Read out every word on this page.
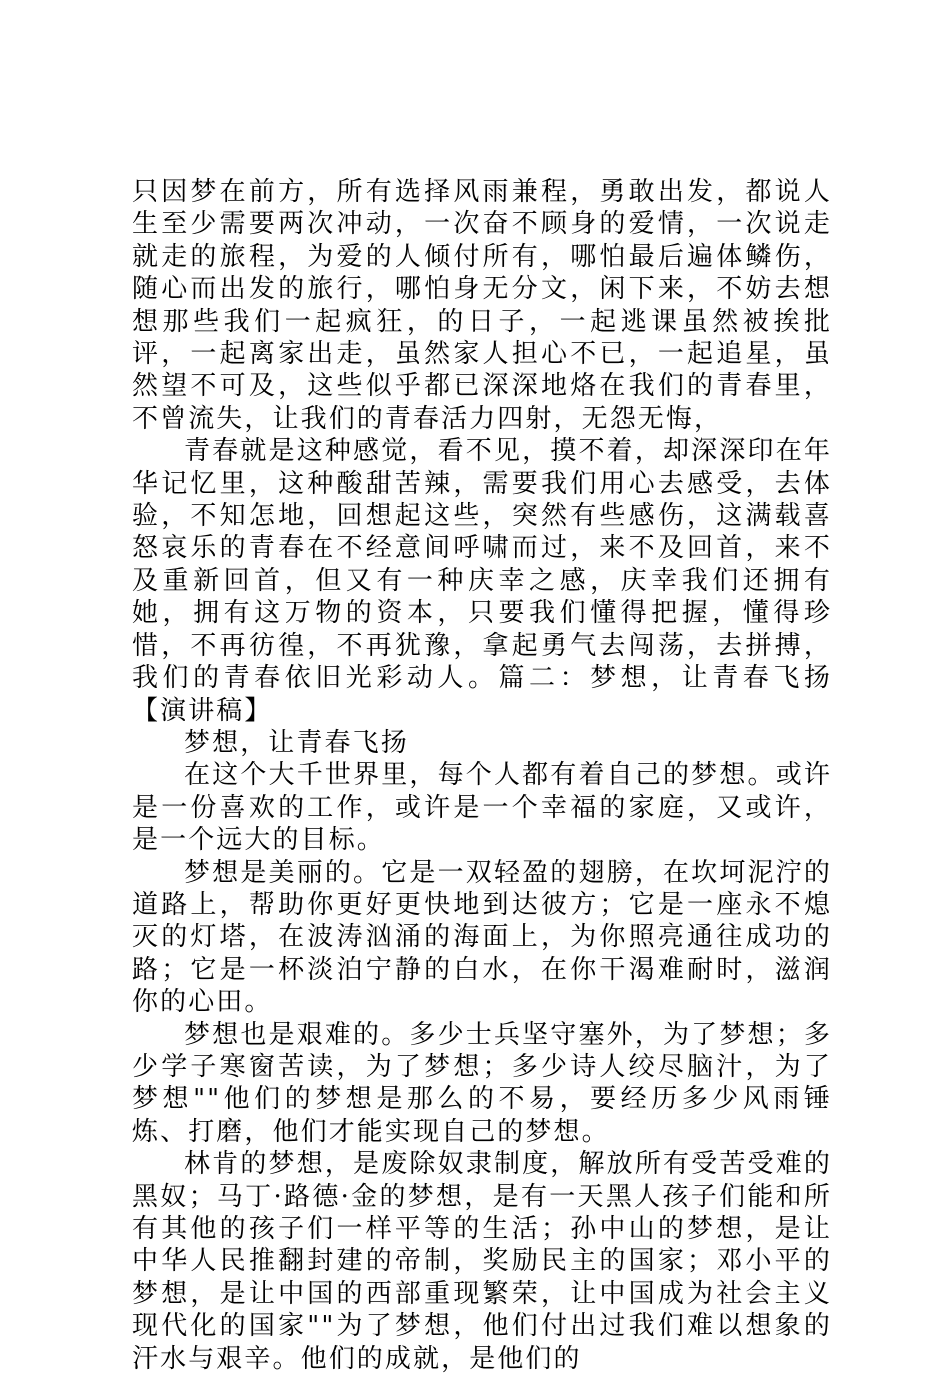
只因梦在前方，所有选择风雨兼程，勇敢出发，都说人生至少需要两次冲动，一次奋不顾身的爱情，一次说走就走的旅程，为爱的人倾付所有，哪怕最后遍体鳞伤，随心而出发的旅行，哪怕身无分文，闲下来，不妨去想想那些我们一起疯狂，的日子，一起逃课虽然被挨批评，一起离家出走，虽然家人担心不已，一起追星，虽然望不可及，这些似乎都已深深地烙在我们的青春里，不曾流失，让我们的青春活力四射，无怨无悔，

青春就是这种感觉，看不见，摸不着，却深深印在年华记忆里，这种酸甜苦辣，需要我们用心去感受，去体验，不知怎地，回想起这些，突然有些感伤，这满载喜怒哀乐的青春在不经意间呼啸而过，来不及回首，来不及重新回首，但又有一种庆幸之感，庆幸我们还拥有她，拥有这万物的资本，只要我们懂得把握，懂得珍惜，不再彷徨，不再犹豫，拿起勇气去闯荡，去拼搏，我们的青春依旧光彩动人。篇二：梦想，让青春飞扬【演讲稿】

梦想，让青春飞扬

在这个大千世界里，每个人都有着自己的梦想。或许是一份喜欢的工作，或许是一个幸福的家庭，又或许，是一个远大的目标。

梦想是美丽的。它是一双轻盈的翅膀，在坎坷泥泞的道路上，帮助你更好更快地到达彼方；它是一座永不熄灭的灯塔，在波涛汹涌的海面上，为你照亮通往成功的路；它是一杯淡泊宁静的白水，在你干渴难耐时，滋润你的心田。

梦想也是艰难的。多少士兵坚守塞外，为了梦想；多少学子寒窗苦读，为了梦想；多少诗人绞尽脑汁，为了梦想""他们的梦想是那么的不易，要经历多少风雨锤炼、打磨，他们才能实现自己的梦想。

林肯的梦想，是废除奴隶制度，解放所有受苦受难的黑奴；马丁·路德·金的梦想，是有一天黑人孩子们能和所有其他的孩子们一样平等的生活；孙中山的梦想，是让中华人民推翻封建的帝制，奖励民主的国家；邓小平的梦想，是让中国的西部重现繁荣，让中国成为社会主义现代化的国家""为了梦想，他们付出过我们难以想象的汗水与艰辛。他们的成就，是他们的
